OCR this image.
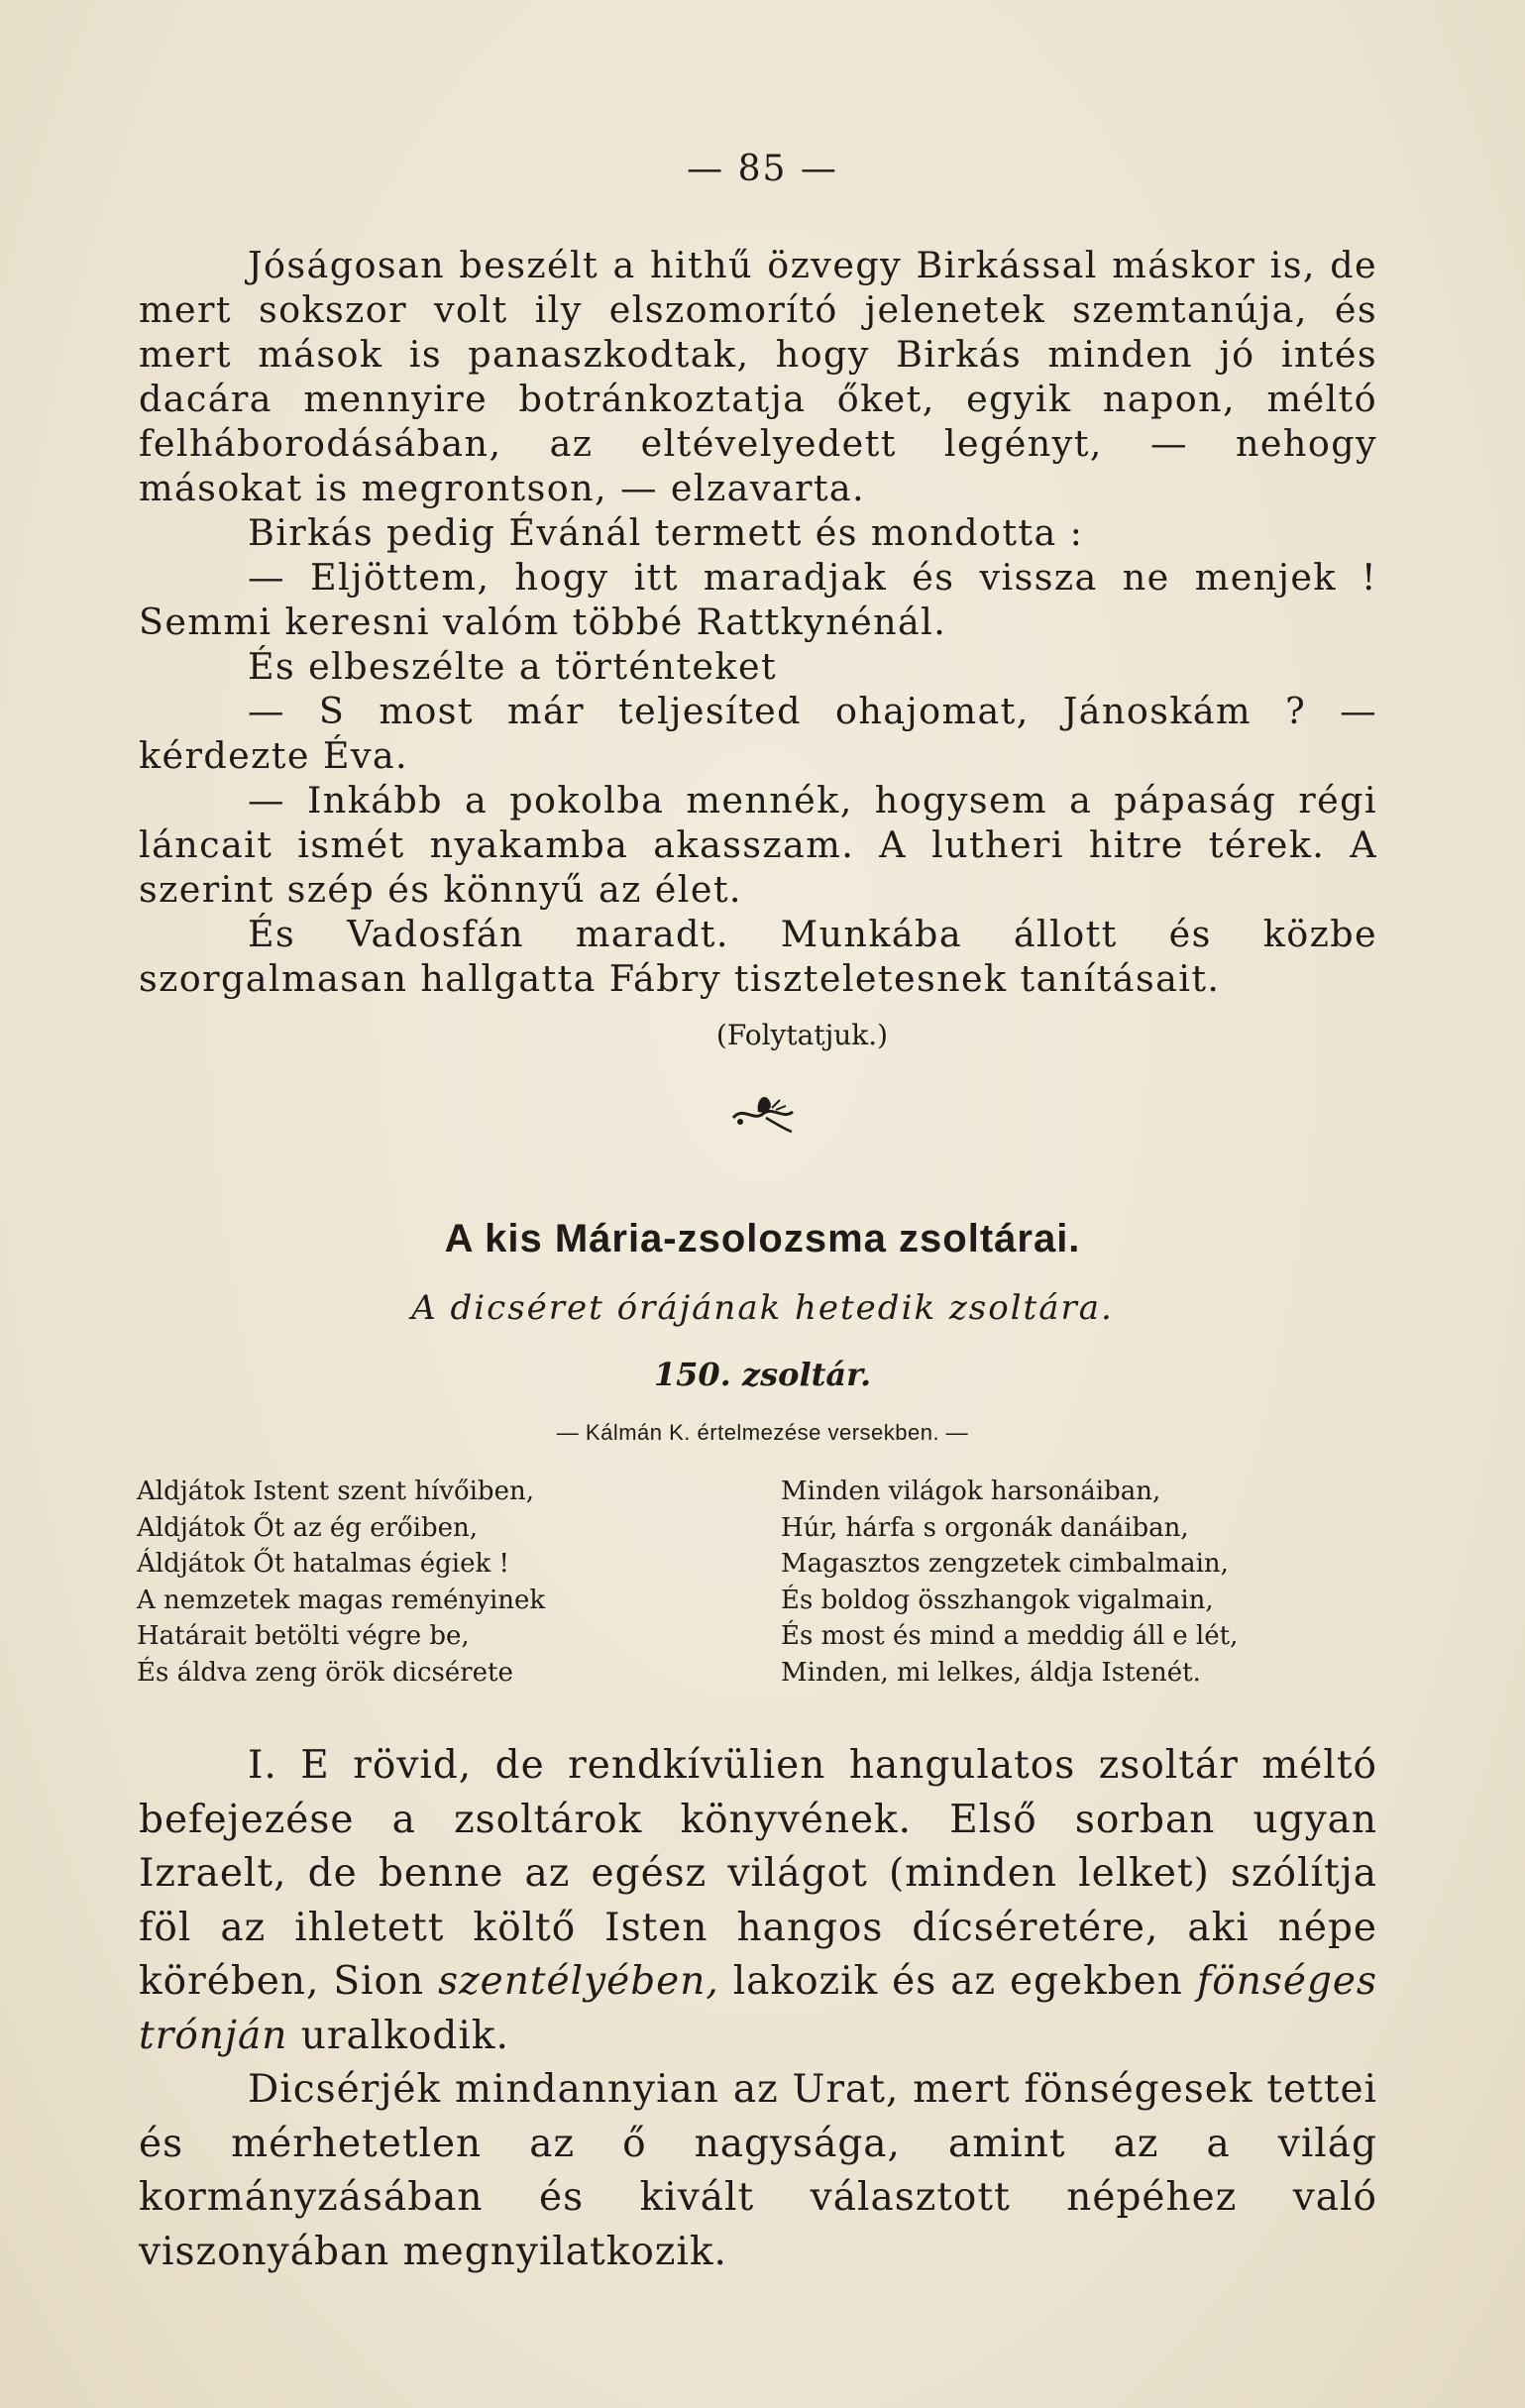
— 85 —

Jóságosan beszélt a hithű özvegy Birkással máskor is, de mert sokszor volt ily elszomorító jelenetek szemtanúja, és mert mások is panaszkodtak, hogy Birkás minden jó intés dacára mennyire botránkoztatja őket, egyik napon, méltó felháborodásában, az eltévelyedett legényt, — nehogy másokat is megrontson, — elzavarta.

Birkás pedig Évánál termett és mondotta :

— Eljöttem, hogy itt maradjak és vissza ne menjek ! Semmi keresni valóm többé Rattkynénál.

És elbeszélte a történteket

— S most már teljesíted ohajomat, Jánoskám ? — kérdezte Éva.

— Inkább a pokolba mennék, hogysem a pápaság régi láncait ismét nyakamba akasszam. A lutheri hitre térek. A szerint szép és könnyű az élet.

És Vadosfán maradt. Munkába állott és közbe szorgalmasan hallgatta Fábry tiszteletesnek tanításait.

(Folytatjuk.)
A kis Mária-zsolozsma zsoltárai.
A dicséret órájának hetedik zsoltára.
150. zsoltár.
— Kálmán K. értelmezése versekben. —
Aldjátok Istent szent hívőiben,
Aldjátok Őt az ég erőiben,
Áldjátok Őt hatalmas égiek !
A nemzetek magas reményinek
Határait betölti végre be,
És áldva zeng örök dicsérete
Minden világok harsonáiban,
Húr, hárfa s orgonák danáiban,
Magasztos zengzetek cimbalmain,
És boldog összhangok vigalmain,
És most és mind a meddig áll e lét,
Minden, mi lelkes, áldja Istenét.

I. E rövid, de rendkívülien hangulatos zsoltár méltó befejezése a zsoltárok könyvének. Első sorban ugyan Izraelt, de benne az egész világot (minden lelket) szólítja föl az ihletett költő Isten hangos dícséretére, aki népe körében, Sion szentélyében, lakozik és az egekben fönséges trónján uralkodik.

Dicsérjék mindannyian az Urat, mert fönségesek tettei és mérhetetlen az ő nagysága, amint az a világ kormányzásában és kivált választott népéhez való viszonyában megnyilatkozik.
